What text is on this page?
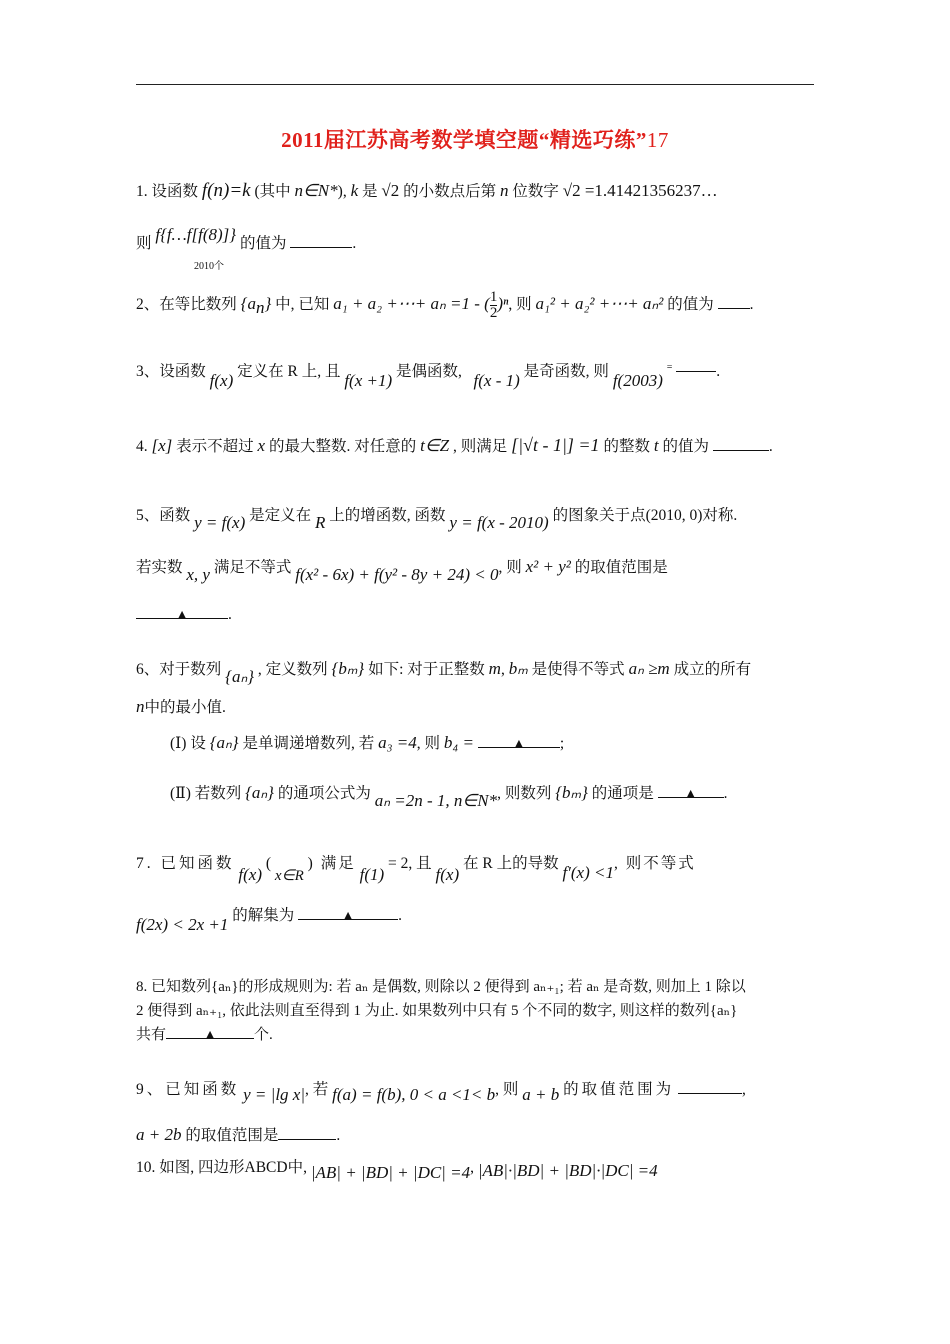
2011届江苏高考数学填空题“精选巧练”17
1. 设函数 f(n)=k (其中 n∈N*), k 是 √2 的小数点后第 n 位数字 √2 =1.41421356237…
则 f{f…f[f(8)]}
2010个
的值为	.
2、在等比数列 $\{a_n\}$ 中, 已知 a₁ + a₂ +⋯+ aₙ =1 - ( $\frac{1}{2} )^n$, 则 a₁² + a₂² +⋯+ aₙ² 的值为 .
3、设函数 f(x) 定义在 R 上, 且 f(x +1) 是偶函数, f(x - 1) 是奇函数, 则 f(2003) =	.
4. [x] 表示不超过 x 的最大整数. 对任意的 t∈Z , 则满足 [|√t - 1|] =1 的整数 t 的值为	.
5、函数 y = f(x) 是定义在 R 上的增函数, 函数 y = f(x - 2010) 的图象关于点(2010, 0)对称.
若实数 x, y 满足不等式 f(x² - 6x) + f(y² - 8y + 24) < 0, 则 x² + y² 的取值范围是
▲	.
6、对于数列 {aₙ} , 定义数列 {bₘ} 如下: 对于正整数 m, bₘ 是使得不等式 aₙ ≥m 成立的所有
n中的最小值.
(Ⅰ) 设 {aₙ} 是单调递增数列, 若 a₃ =4, 则 b₄ =	▲ ;
(Ⅱ) 若数列 {aₙ} 的通项公式为 aₙ =2n - 1, n∈N*, 则数列 {bₘ} 的通项是 ▲ .
7. 已知函数 f(x) ( x∈R ) 满足 f(1) = 2, 且 f(x) 在 R 上的导数 f′(x) <1, 则不等式
f(2x) < 2x +1 的解集为	▲	.
8. 已知数列{aₙ}的形成规则为: 若 aₙ 是偶数, 则除以 2 便得到 aₙ₊₁; 若 aₙ 是奇数, 则加上 1 除以
2 便得到 aₙ₊₁, 依此法则直至得到 1 为止. 如果数列中只有 5 个不同的数字, 则这样的数列{aₙ}
共有	▲ 个.
9、已知函数 y = |lg x|, 若 f(a) = f(b), 0 < a <1< b, 则 a + b 的取值范围为	,
a + 2b 的取值范围是	.
10. 如图, 四边形ABCD中, |AB| + |BD| + |DC| =4, |AB|·|BD| + |BD|·|DC| =4
